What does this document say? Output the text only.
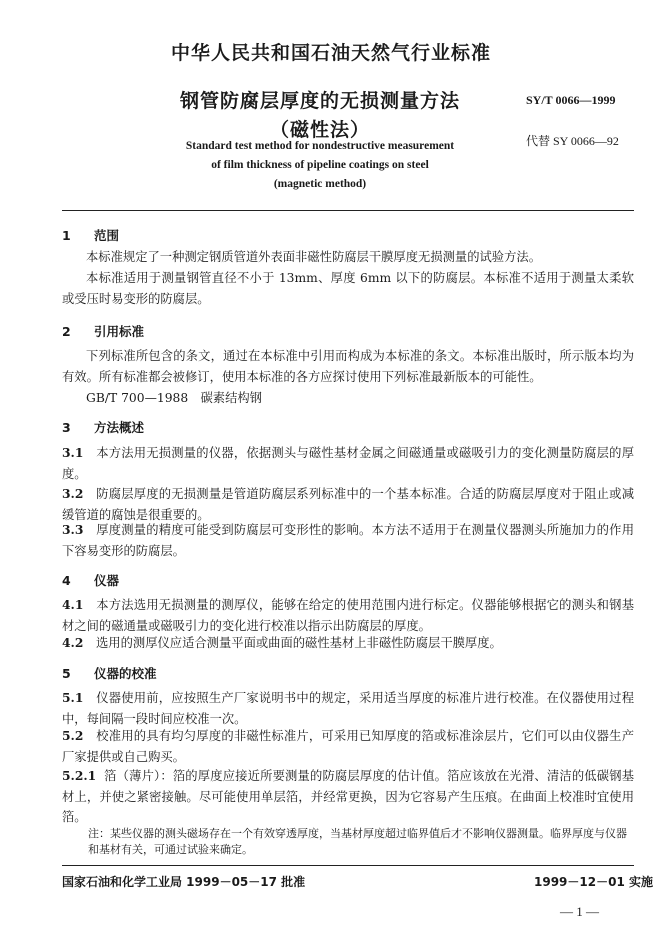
中华人民共和国石油天然气行业标准
钢管防腐层厚度的无损测量方法
（磁性法）
SY/T 0066—1999
代替 SY 0066—92
Standard test method for nondestructive measurement
of film thickness of pipeline coatings on steel
(magnetic method)
1 范围
本标准规定了一种测定钢质管道外表面非磁性防腐层干膜厚度无损测量的试验方法。
本标准适用于测量钢管直径不小于 13mm、厚度 6mm 以下的防腐层。本标准不适用于测量太柔软或受压时易变形的防腐层。
2 引用标准
下列标准所包含的条文，通过在本标准中引用而构成为本标准的条文。本标准出版时，所示版本均为有效。所有标准都会被修订，使用本标准的各方应探讨使用下列标准最新版本的可能性。
GB/T 700—1988　碳素结构钢
3 方法概述
3.1 本方法用无损测量的仪器，依据测头与磁性基材金属之间磁通量或磁吸引力的变化测量防腐层的厚度。
3.2 防腐层厚度的无损测量是管道防腐层系列标准中的一个基本标准。合适的防腐层厚度对于阻止或减缓管道的腐蚀是很重要的。
3.3 厚度测量的精度可能受到防腐层可变形性的影响。本方法不适用于在测量仪器测头所施加力的作用下容易变形的防腐层。
4 仪器
4.1 本方法选用无损测量的测厚仪，能够在给定的使用范围内进行标定。仪器能够根据它的测头和钢基材之间的磁通量或磁吸引力的变化进行校准以指示出防腐层的厚度。
4.2 选用的测厚仪应适合测量平面或曲面的磁性基材上非磁性防腐层干膜厚度。
5 仪器的校准
5.1 仪器使用前，应按照生产厂家说明书中的规定，采用适当厚度的标准片进行校准。在仪器使用过程中，每间隔一段时间应校准一次。
5.2 校准用的具有均匀厚度的非磁性标准片，可采用已知厚度的箔或标准涂层片，它们可以由仪器生产厂家提供或自己购买。
5.2.1 箔（薄片）：箔的厚度应接近所要测量的防腐层厚度的估计值。箔应该放在光滑、清洁的低碳钢基材上，并使之紧密接触。尽可能使用单层箔，并经常更换，因为它容易产生压痕。在曲面上校准时宜使用箔。
注：某些仪器的测头磁场存在一个有效穿透厚度，当基材厚度超过临界值后才不影响仪器测量。临界厚度与仪器和基材有关，可通过试验来确定。
国家石油和化学工业局 1999－05－17 批准	1999－12－01 实施
— 1 —
